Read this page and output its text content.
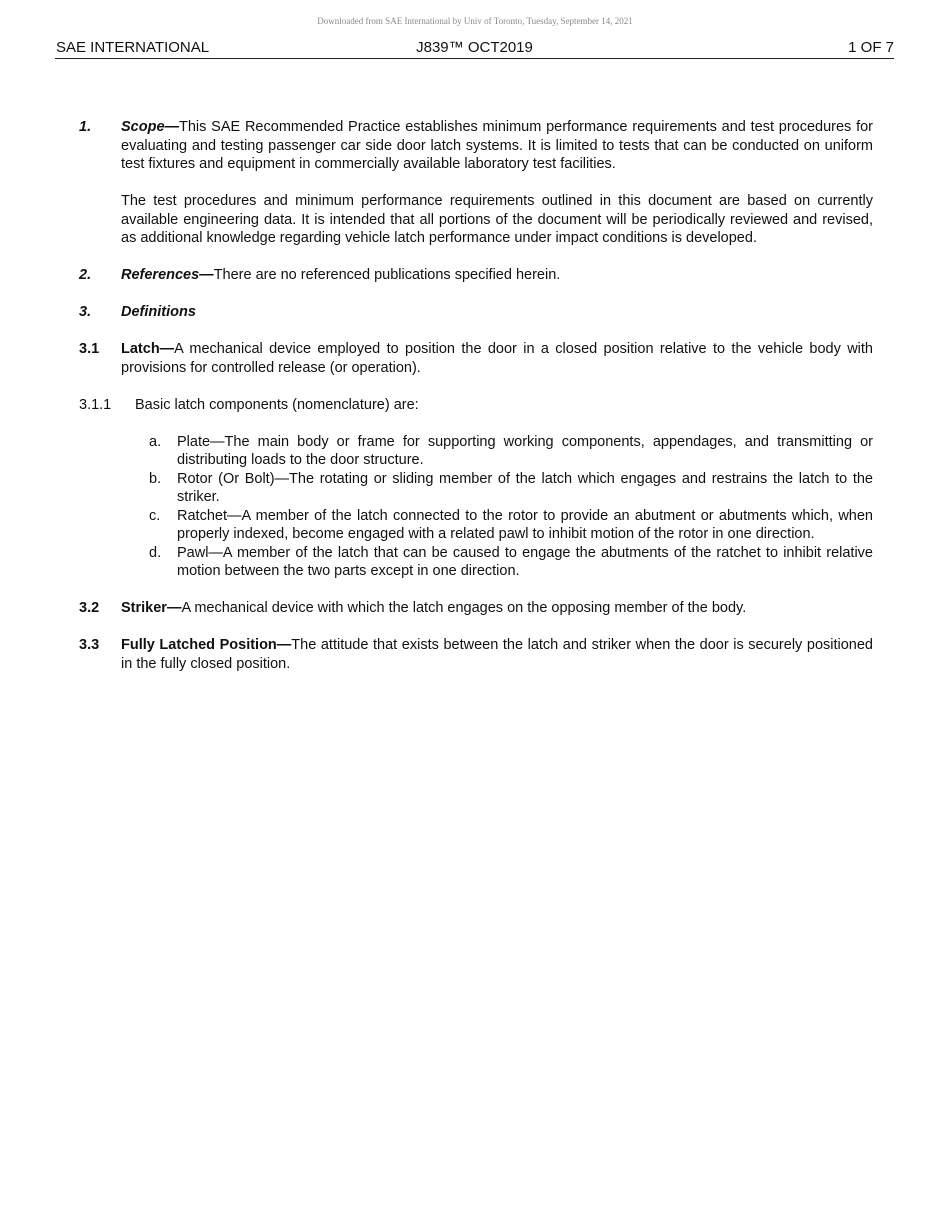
Downloaded from SAE International by Univ of Toronto, Tuesday, September 14, 2021
SAE INTERNATIONAL	J839™ OCT2019	1 OF 7
1. Scope—This SAE Recommended Practice establishes minimum performance requirements and test procedures for evaluating and testing passenger car side door latch systems. It is limited to tests that can be conducted on uniform test fixtures and equipment in commercially available laboratory test facilities.
The test procedures and minimum performance requirements outlined in this document are based on currently available engineering data. It is intended that all portions of the document will be periodically reviewed and revised, as additional knowledge regarding vehicle latch performance under impact conditions is developed.
2. References—There are no referenced publications specified herein.
3. Definitions
3.1 Latch—A mechanical device employed to position the door in a closed position relative to the vehicle body with provisions for controlled release (or operation).
3.1.1 Basic latch components (nomenclature) are:
a. Plate—The main body or frame for supporting working components, appendages, and transmitting or distributing loads to the door structure.
b. Rotor (Or Bolt)—The rotating or sliding member of the latch which engages and restrains the latch to the striker.
c. Ratchet—A member of the latch connected to the rotor to provide an abutment or abutments which, when properly indexed, become engaged with a related pawl to inhibit motion of the rotor in one direction.
d. Pawl—A member of the latch that can be caused to engage the abutments of the ratchet to inhibit relative motion between the two parts except in one direction.
3.2 Striker—A mechanical device with which the latch engages on the opposing member of the body.
3.3 Fully Latched Position—The attitude that exists between the latch and striker when the door is securely positioned in the fully closed position.
